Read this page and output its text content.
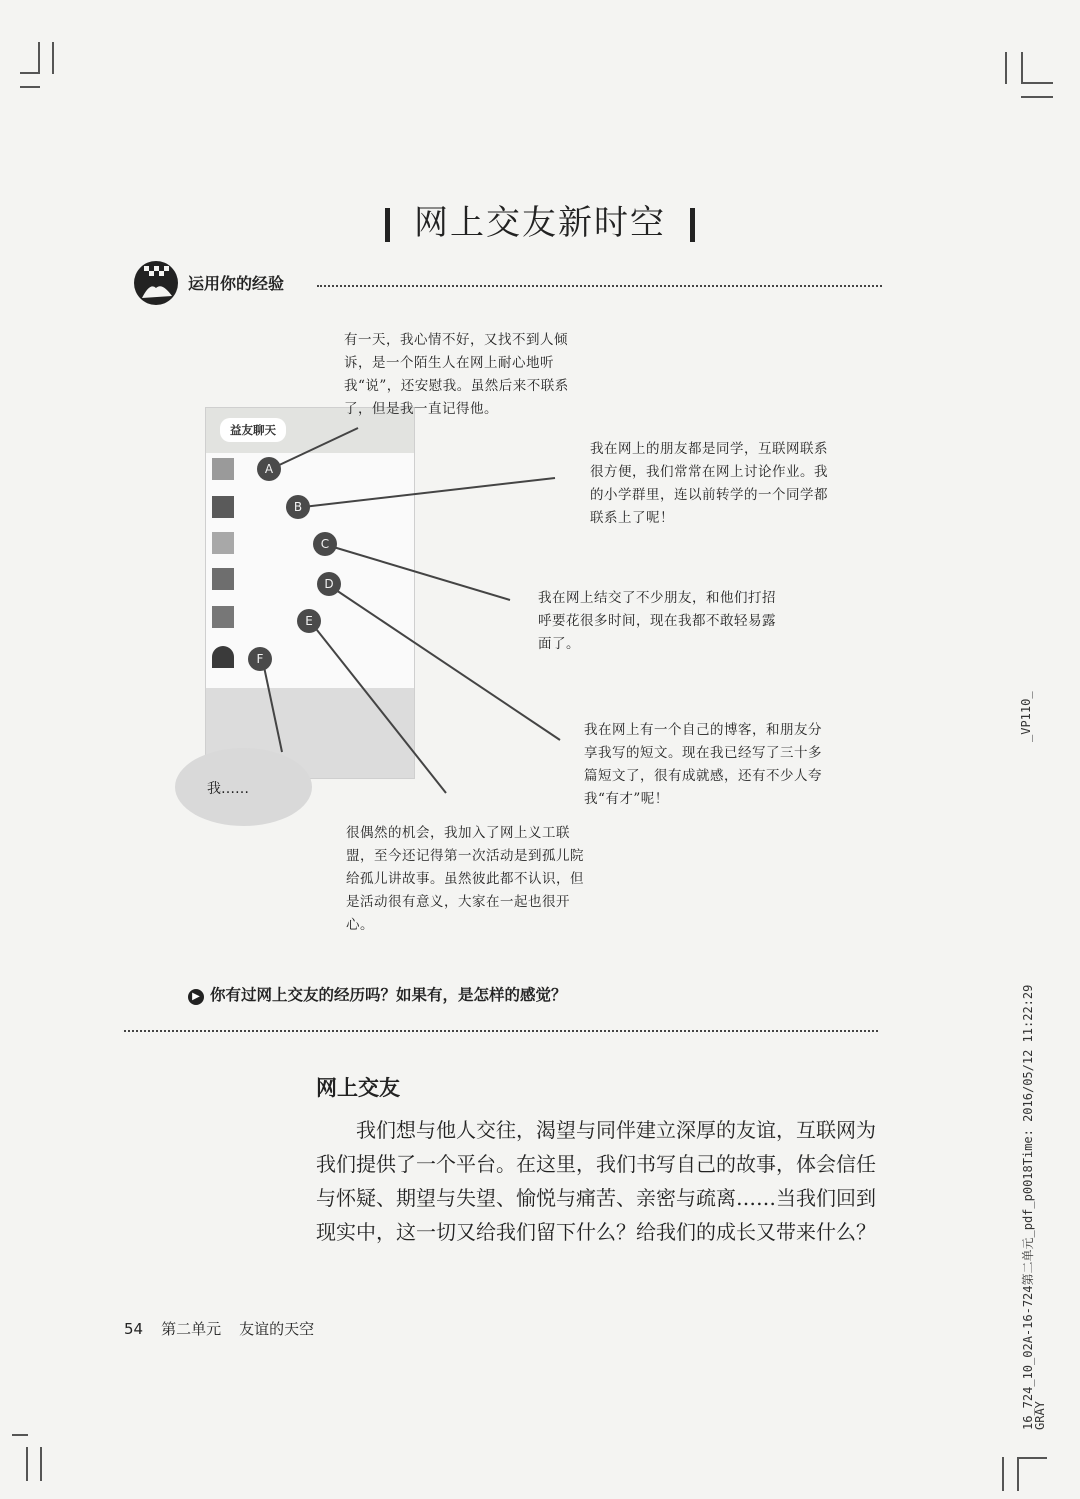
网上交友新时空
运用你的经验
益友聊天
A
B
C
D
E
F
我……
有一天，我心情不好，又找不到人倾诉，是一个陌生人在网上耐心地听我“说”，还安慰我。虽然后来不联系了，但是我一直记得他。
我在网上的朋友都是同学，互联网联系很方便，我们常常在网上讨论作业。我的小学群里，连以前转学的一个同学都联系上了呢！
我在网上结交了不少朋友，和他们打招呼要花很多时间，现在我都不敢轻易露面了。
我在网上有一个自己的博客，和朋友分享我写的短文。现在我已经写了三十多篇短文了，很有成就感，还有不少人夸我“有才”呢！
很偶然的机会，我加入了网上义工联盟，至今还记得第一次活动是到孤儿院给孤儿讲故事。虽然彼此都不认识，但是活动很有意义，大家在一起也很开心。
▶ 你有过网上交友的经历吗？如果有，是怎样的感觉？
网上交友
我们想与他人交往，渴望与同伴建立深厚的友谊，互联网为我们提供了一个平台。在这里，我们书写自己的故事，体会信任与怀疑、期望与失望、愉悦与痛苦、亲密与疏离……当我们回到现实中，这一切又给我们留下什么？给我们的成长又带来什么？
54 第二单元 友谊的天空
_VP110_
16_724_10_02A-16-724第二单元_pdf_p0018Time: 2016/05/12 11:22:29
GRAY
